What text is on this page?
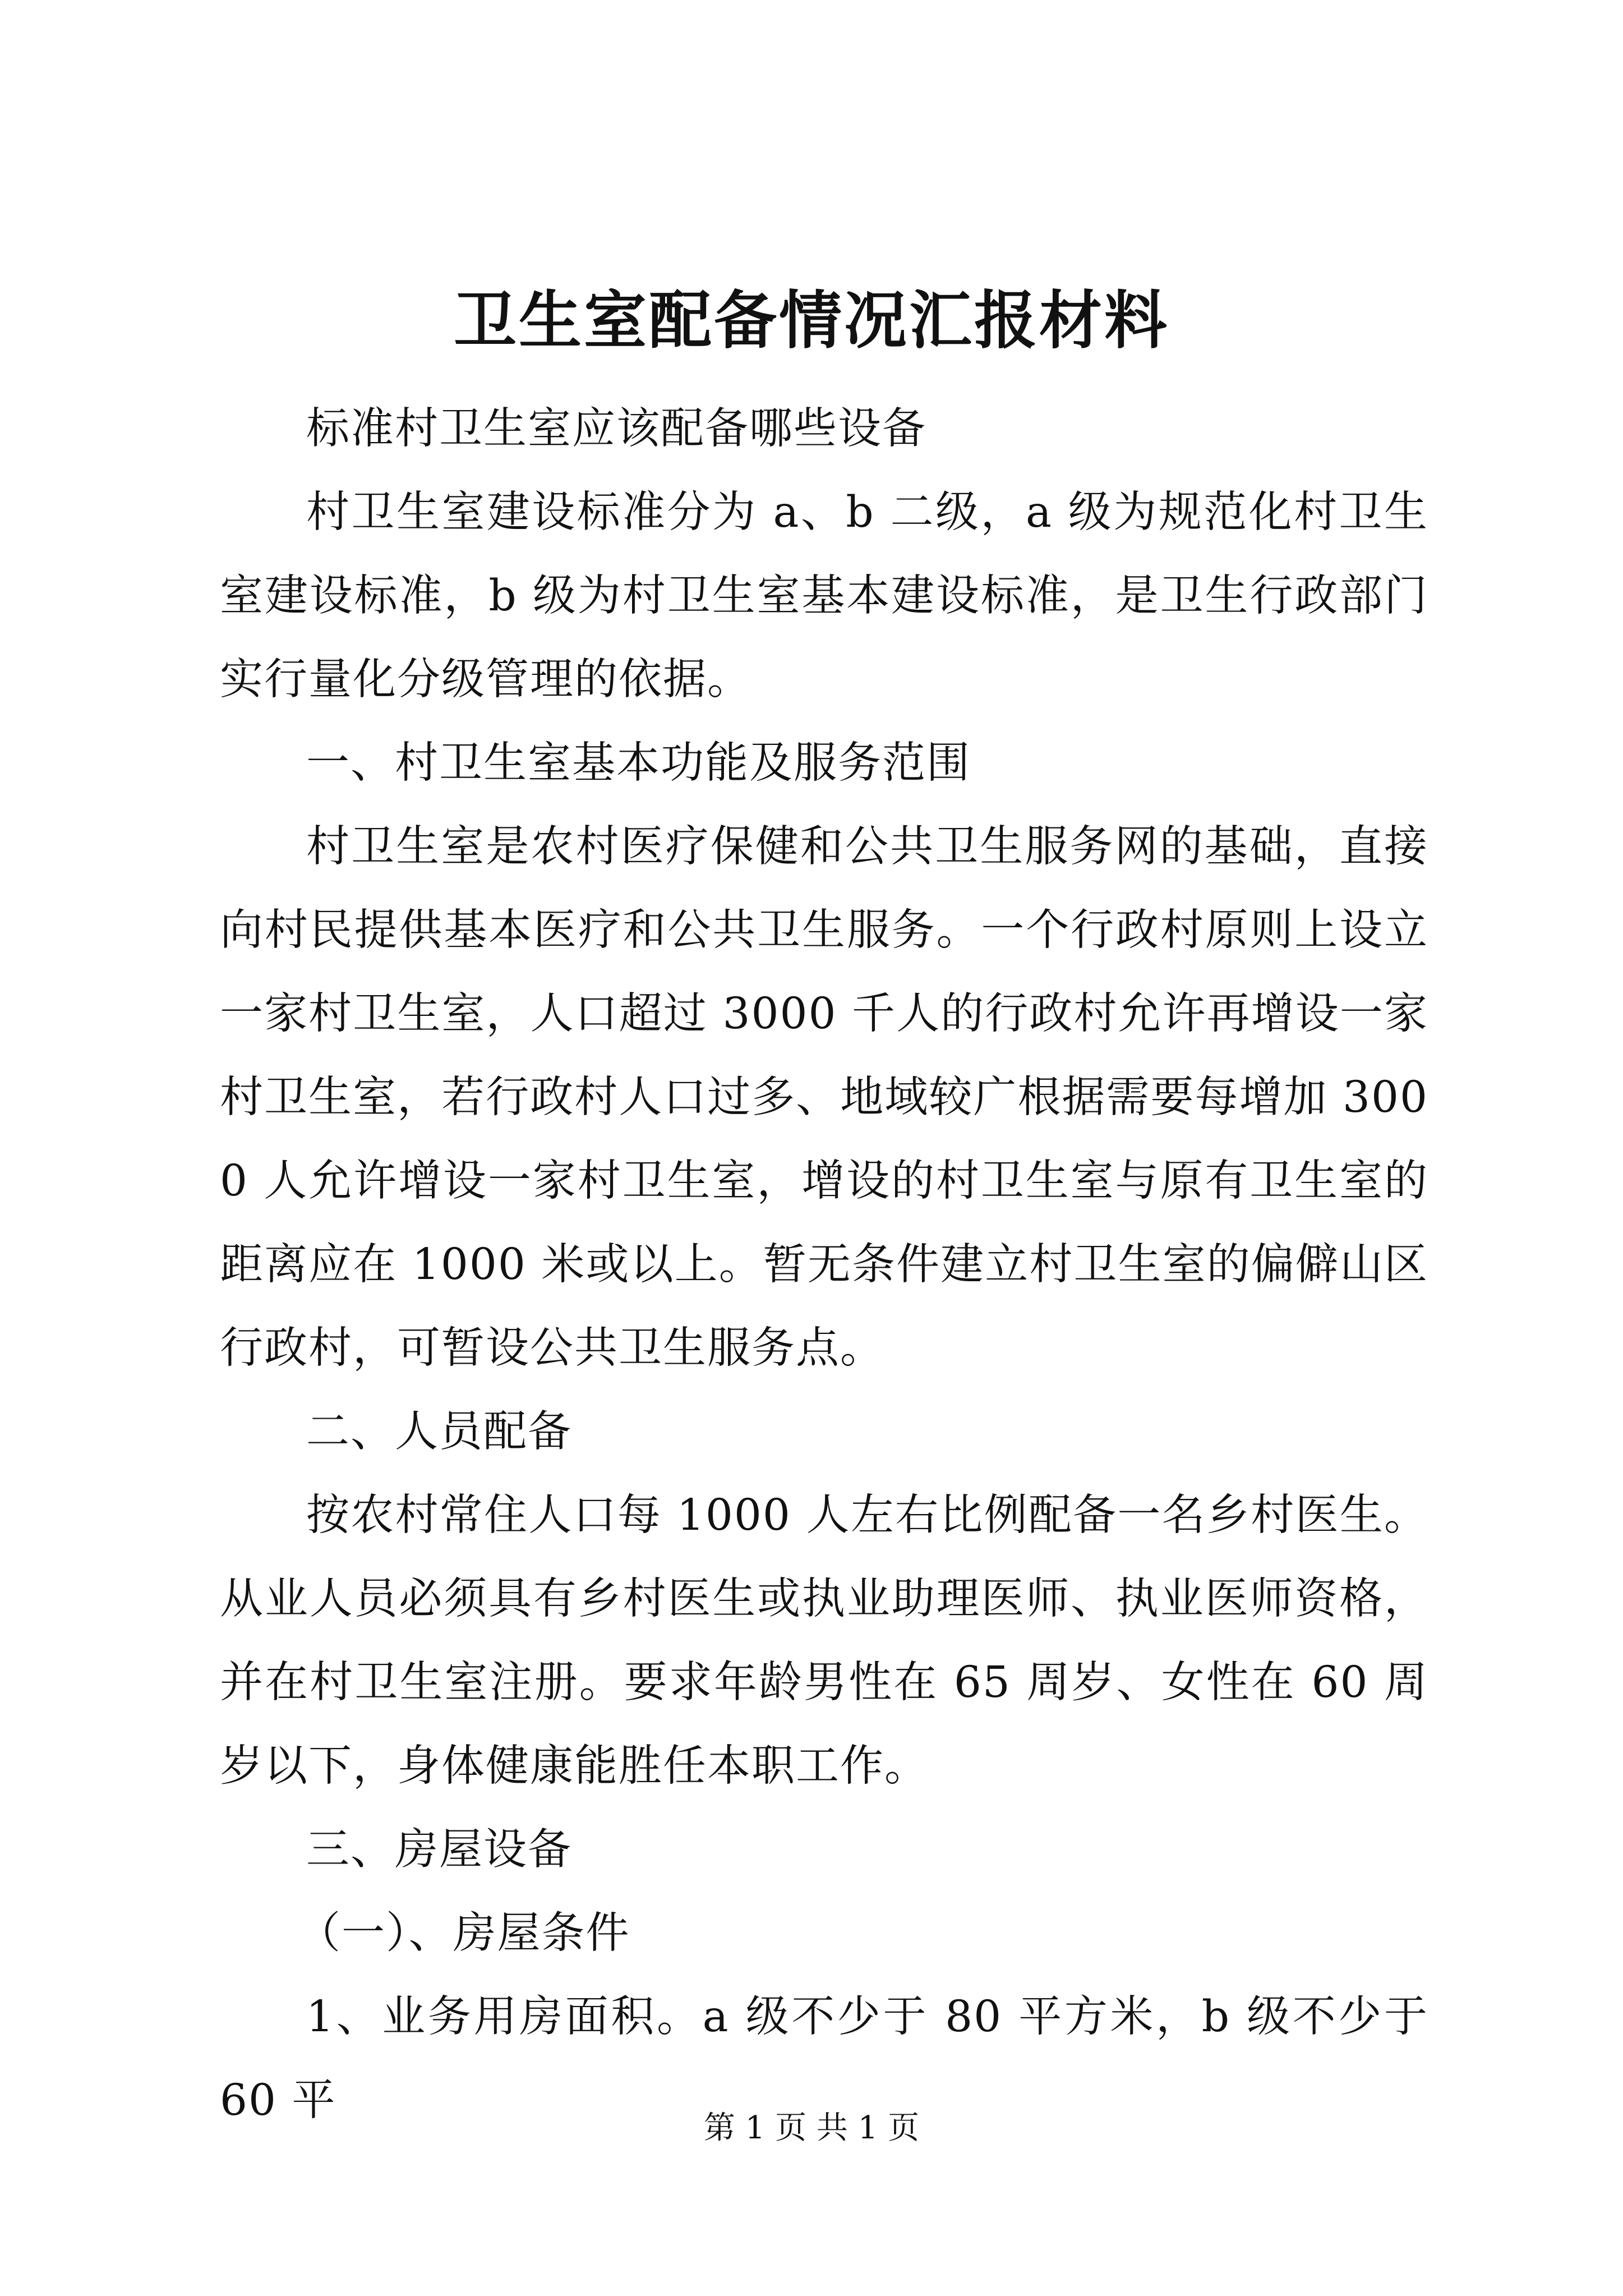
卫生室配备情况汇报材料

标准村卫生室应该配备哪些设备

村卫生室建设标准分为 a、b 二级，a 级为规范化村卫生室建设标准，b 级为村卫生室基本建设标准，是卫生行政部门实行量化分级管理的依据。

一、村卫生室基本功能及服务范围

村卫生室是农村医疗保健和公共卫生服务网的基础，直接向村民提供基本医疗和公共卫生服务。一个行政村原则上设立一家村卫生室，人口超过 3000 千人的行政村允许再增设一家村卫生室，若行政村人口过多、地域较广根据需要每增加 3000 人允许增设一家村卫生室，增设的村卫生室与原有卫生室的距离应在 1000 米或以上。暂无条件建立村卫生室的偏僻山区行政村，可暂设公共卫生服务点。

二、人员配备

按农村常住人口每 1000 人左右比例配备一名乡村医生。从业人员必须具有乡村医生或执业助理医师、执业医师资格，并在村卫生室注册。要求年龄男性在 65 周岁、女性在 60 周岁以下，身体健康能胜任本职工作。

三、房屋设备

（一）、房屋条件

1、业务用房面积。a 级不少于 80 平方米，b 级不少于 60 平

第 1 页 共 1 页
